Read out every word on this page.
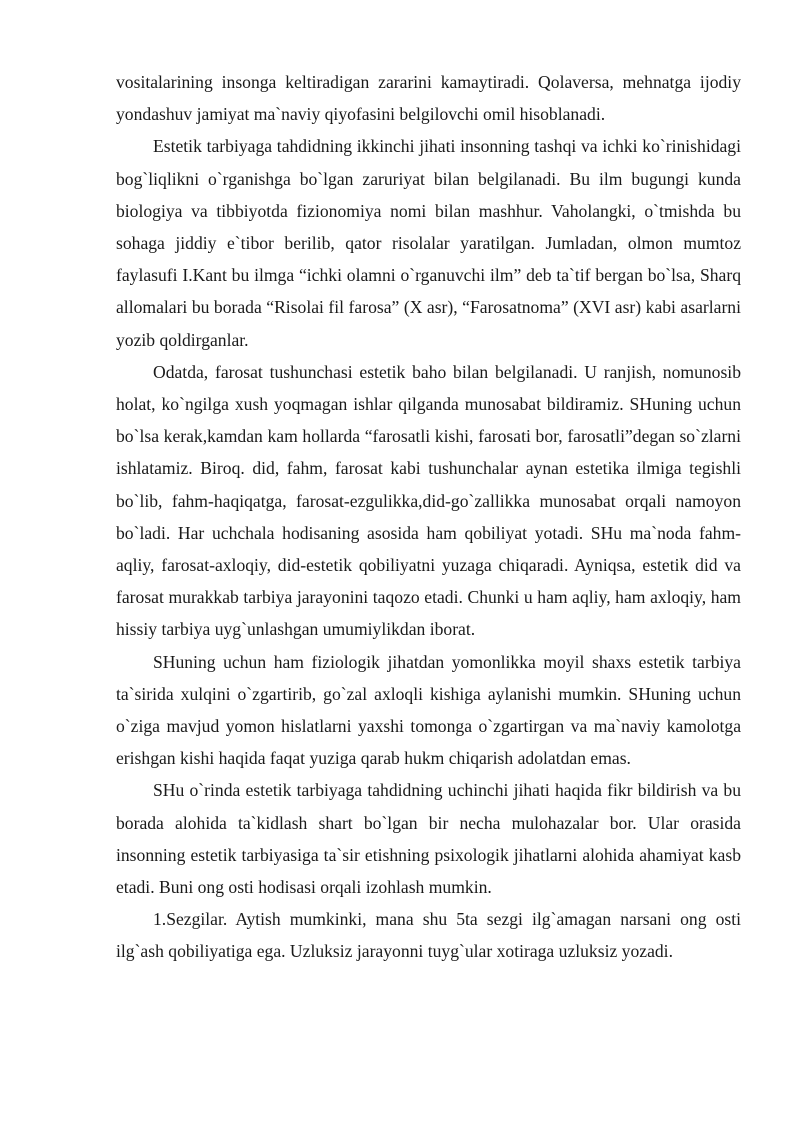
vositalarining insonga keltiradigan zararini kamaytiradi. Qolaversa, mehnatga ijodiy yondashuv jamiyat ma`naviy qiyofasini belgilovchi omil hisoblanadi.

Estetik tarbiyaga tahdidning ikkinchi jihati insonning tashqi va ichki ko`rinishidagi bog`liqlikni o`rganishga bo`lgan zaruriyat bilan belgilanadi. Bu ilm bugungi kunda biologiya va tibbiyotda fizionomiya nomi bilan mashhur. Vaholangki, o`tmishda bu sohaga jiddiy e`tibor berilib, qator risolalar yaratilgan. Jumladan, olmon mumtoz faylasufi I.Kant bu ilmga “ichki olamni o`rganuvchi ilm” deb ta`tif bergan bo`lsa, Sharq allomalari bu borada “Risolai fil farosa” (X asr), “Farosatnoma” (XVI asr) kabi asarlarni yozib qoldirganlar.

Odatda, farosat tushunchasi estetik baho bilan belgilanadi. U ranjish, nomunosib holat, ko`ngilga xush yoqmagan ishlar qilganda munosabat bildiramiz. SHuning uchun bo`lsa kerak,kamdan kam hollarda “farosatli kishi, farosati bor, farosatli”degan so`zlarni ishlatamiz. Biroq. did, fahm, farosat kabi tushunchalar aynan estetika ilmiga tegishli bo`lib, fahm-haqiqatga, farosat-ezgulikka,did-go`zallikka munosabat orqali namoyon bo`ladi. Har uchchala hodisaning asosida ham qobiliyat yotadi. SHu ma`noda fahm-aqliy, farosat-axloqiy, did-estetik qobiliyatni yuzaga chiqaradi. Ayniqsa, estetik did va farosat murakkab tarbiya jarayonini taqozo etadi. Chunki u ham aqliy, ham axloqiy, ham hissiy tarbiya uyg`unlashgan umumiylikdan iborat.

SHuning uchun ham fiziologik jihatdan yomonlikka moyil shaxs estetik tarbiya ta`sirida xulqini o`zgartirib, go`zal axloqli kishiga aylanishi mumkin. SHuning uchun o`ziga mavjud yomon hislatlarni yaxshi tomonga o`zgartirgan va ma`naviy kamolotga erishgan kishi haqida faqat yuziga qarab hukm chiqarish adolatdan emas.

SHu o`rinda estetik tarbiyaga tahdidning uchinchi jihati haqida fikr bildirish va bu borada alohida ta`kidlash shart bo`lgan bir necha mulohazalar bor. Ular orasida insonning estetik tarbiyasiga ta`sir etishning psixologik jihatlarni alohida ahamiyat kasb etadi. Buni ong osti hodisasi orqali izohlash mumkin.

1.Sezgilar. Aytish mumkinki, mana shu 5ta sezgi ilg`amagan narsani ong osti ilg`ash qobiliyatiga ega. Uzluksiz jarayonni tuyg`ular xotiraga uzluksiz yozadi.
